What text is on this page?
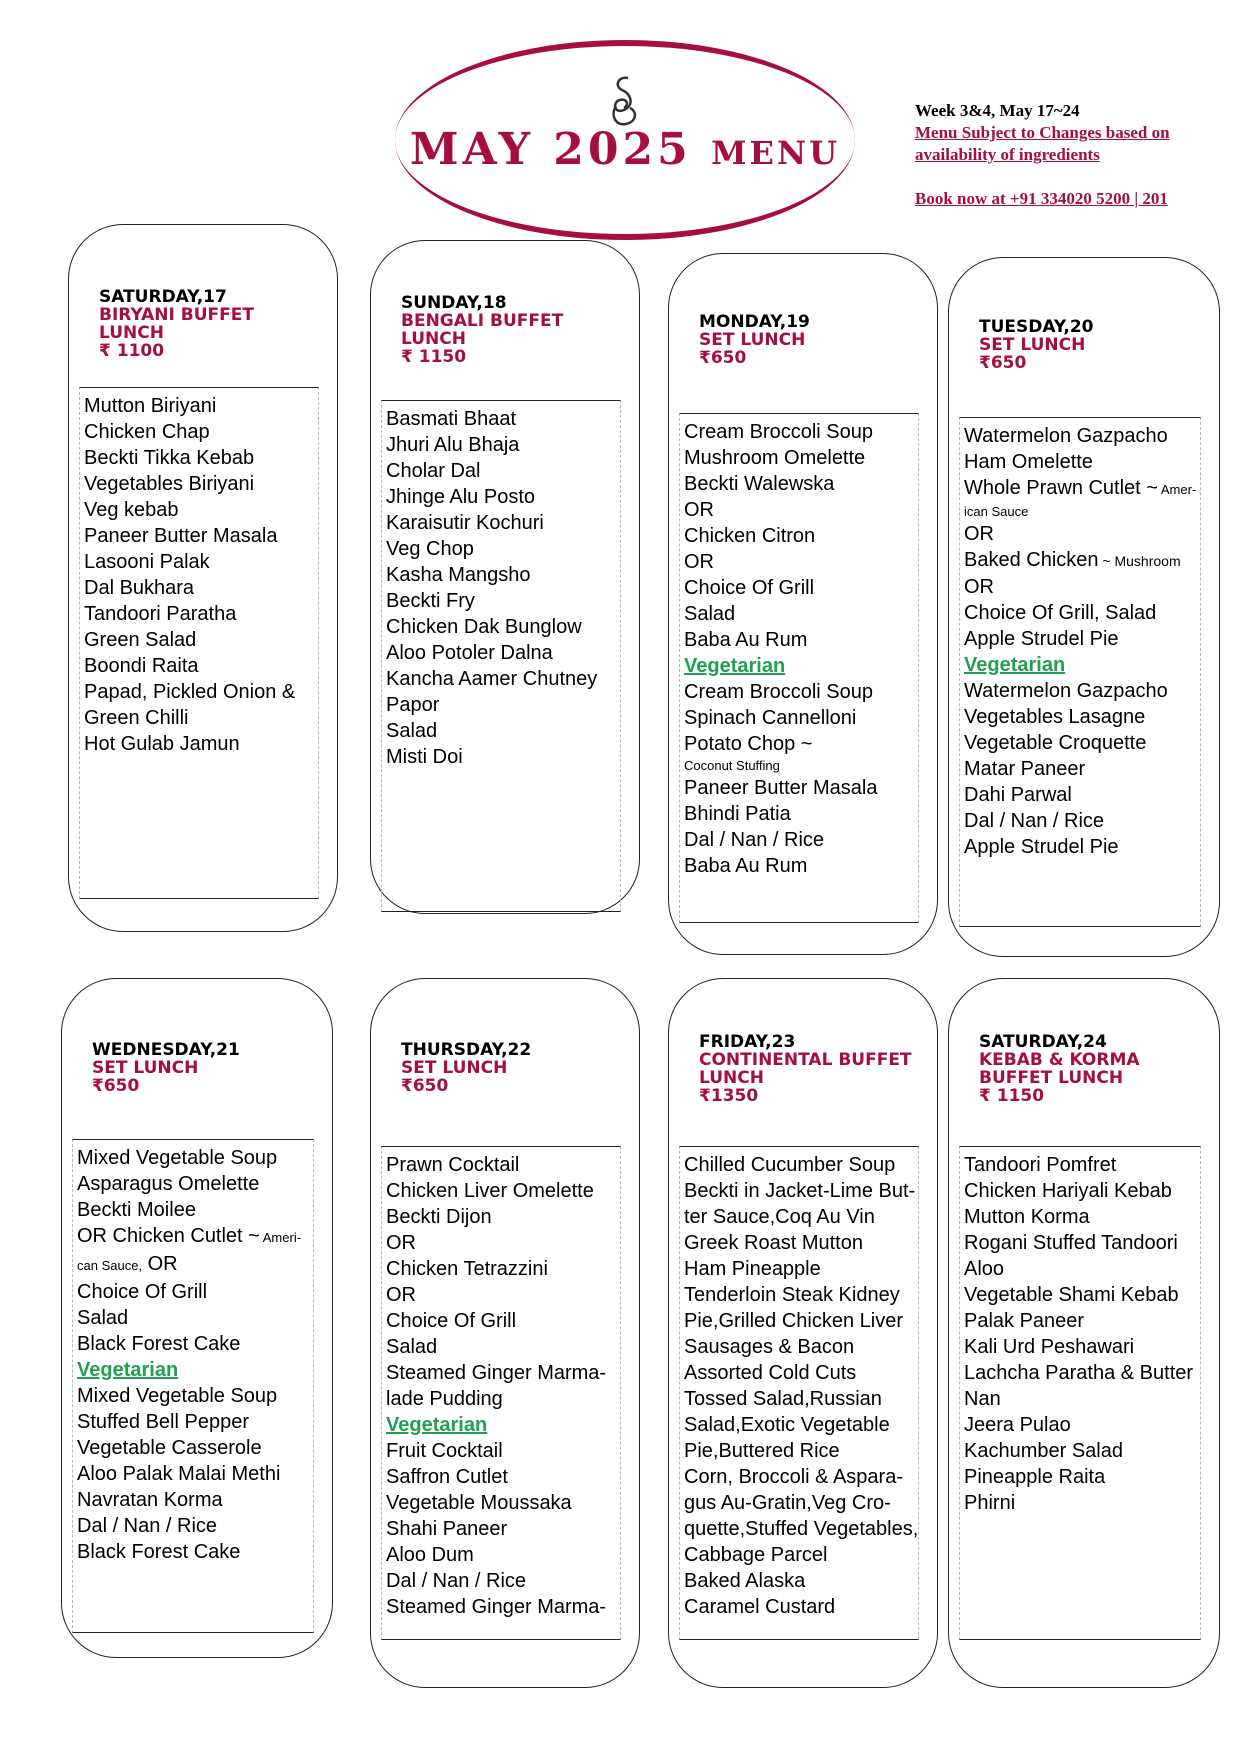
MAY 2025 MENU
Week 3&4, May 17~24
Menu Subject to Changes based on
availability of ingredients
Book now at +91 334020 5200 | 201
SATURDAY,17
BIRYANI BUFFET LUNCH
₹ 1100
Mutton Biriyani
Chicken Chap
Beckti Tikka Kebab
Vegetables Biriyani
Veg kebab
Paneer Butter Masala
Lasooni Palak
Dal Bukhara
Tandoori Paratha
Green Salad
Boondi Raita
Papad, Pickled Onion &
Green Chilli
Hot Gulab Jamun
SUNDAY,18
BENGALI BUFFET
LUNCH
₹ 1150
Basmati Bhaat
Jhuri Alu Bhaja
Cholar Dal
Jhinge Alu Posto
Karaisutir Kochuri
Veg Chop
Kasha Mangsho
Beckti Fry
Chicken Dak Bunglow
Aloo Potoler Dalna
Kancha Aamer Chutney
Papor
Salad
Misti Doi
MONDAY,19
SET LUNCH
₹650
Cream Broccoli Soup
Mushroom Omelette
Beckti Walewska
OR
Chicken Citron
OR
Choice Of Grill
Salad
Baba Au Rum
Vegetarian
Cream Broccoli Soup
Spinach Cannelloni
Potato Chop ~
Coconut Stuffing
Paneer Butter Masala
Bhindi Patia
Dal / Nan / Rice
Baba Au Rum
TUESDAY,20
SET LUNCH
₹650
Watermelon Gazpacho
Ham Omelette
Whole Prawn Cutlet ~ Amer-
ican Sauce
OR
Baked Chicken ~ Mushroom
OR
Choice Of Grill, Salad
Apple Strudel Pie
Vegetarian
Watermelon Gazpacho
Vegetables Lasagne
Vegetable Croquette
Matar Paneer
Dahi Parwal
Dal / Nan / Rice
Apple Strudel Pie
WEDNESDAY,21
SET LUNCH
₹650
Mixed Vegetable Soup
Asparagus Omelette
Beckti Moilee
OR Chicken Cutlet ~ Ameri-
can Sauce, OR
Choice Of Grill
Salad
Black Forest Cake
Vegetarian
Mixed Vegetable Soup
Stuffed Bell Pepper
Vegetable Casserole
Aloo Palak Malai Methi
Navratan Korma
Dal / Nan / Rice
Black Forest Cake
THURSDAY,22
SET LUNCH
₹650
Prawn Cocktail
Chicken Liver Omelette
Beckti Dijon
OR
Chicken Tetrazzini
OR
Choice Of Grill
Salad
Steamed Ginger Marma-
lade Pudding
Vegetarian
Fruit Cocktail
Saffron Cutlet
Vegetable Moussaka
Shahi Paneer
Aloo Dum
Dal / Nan / Rice
Steamed Ginger Marma-
FRIDAY,23
CONTINENTAL BUFFET
LUNCH
₹1350
Chilled Cucumber Soup
Beckti in Jacket-Lime But-
ter Sauce,Coq Au Vin
Greek Roast Mutton
Ham Pineapple
Tenderloin Steak Kidney
Pie,Grilled Chicken Liver
Sausages & Bacon
Assorted Cold Cuts
Tossed Salad,Russian
Salad,Exotic Vegetable
Pie,Buttered Rice
Corn, Broccoli & Aspara-
gus Au-Gratin,Veg Cro-
quette,Stuffed Vegetables,
Cabbage Parcel
Baked Alaska
Caramel Custard
SATURDAY,24
KEBAB & KORMA
BUFFET LUNCH
₹ 1150
Tandoori Pomfret
Chicken Hariyali Kebab
Mutton Korma
Rogani Stuffed Tandoori
Aloo
Vegetable Shami Kebab
Palak Paneer
Kali Urd Peshawari
Lachcha Paratha & Butter
Nan
Jeera Pulao
Kachumber Salad
Pineapple Raita
Phirni
